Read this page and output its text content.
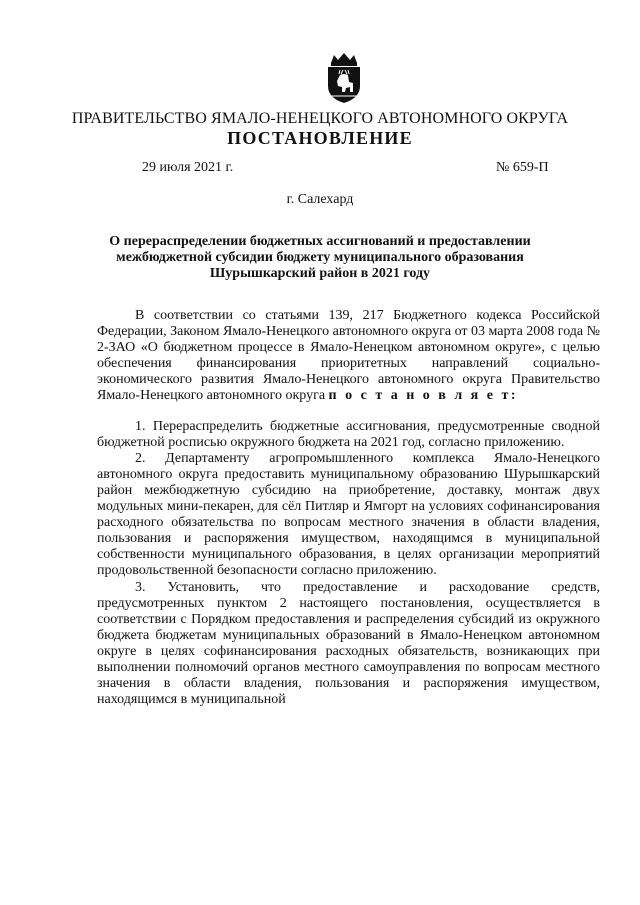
ПРАВИТЕЛЬСТВО ЯМАЛО-НЕНЕЦКОГО АВТОНОМНОГО ОКРУГА
ПОСТАНОВЛЕНИЕ
29 июля 2021 г.	№ 659-П
г. Салехард
О перераспределении бюджетных ассигнований и предоставлении межбюджетной субсидии бюджету муниципального образования Шурышкарский район в 2021 году

В соответствии со статьями 139, 217 Бюджетного кодекса Российской Федерации, Законом Ямало-Ненецкого автономного округа от 03 марта 2008 года № 2-ЗАО «О бюджетном процессе в Ямало-Ненецком автономном округе», с целью обеспечения финансирования приоритетных направлений социально-экономического развития Ямало-Ненецкого автономного округа Правительство Ямало-Ненецкого автономного округа п о с т а н о в л я е т:

1. Перераспределить бюджетные ассигнования, предусмотренные сводной бюджетной росписью окружного бюджета на 2021 год, согласно приложению.

2. Департаменту агропромышленного комплекса Ямало-Ненецкого автономного округа предоставить муниципальному образованию Шурышкарский район межбюджетную субсидию на приобретение, доставку, монтаж двух модульных мини-пекарен, для сёл Питляр и Ямгорт на условиях софинансирования расходного обязательства по вопросам местного значения в области владения, пользования и распоряжения имуществом, находящимся в муниципальной собственности муниципального образования, в целях организации мероприятий продовольственной безопасности согласно приложению.

3. Установить, что предоставление и расходование средств, предусмотренных пунктом 2 настоящего постановления, осуществляется в соответствии с Порядком предоставления и распределения субсидий из окружного бюджета бюджетам муниципальных образований в Ямало-Ненецком автономном округе в целях софинансирования расходных обязательств, возникающих при выполнении полномочий органов местного самоуправления по вопросам местного значения в области владения, пользования и распоряжения имуществом, находящимся в муниципальной
